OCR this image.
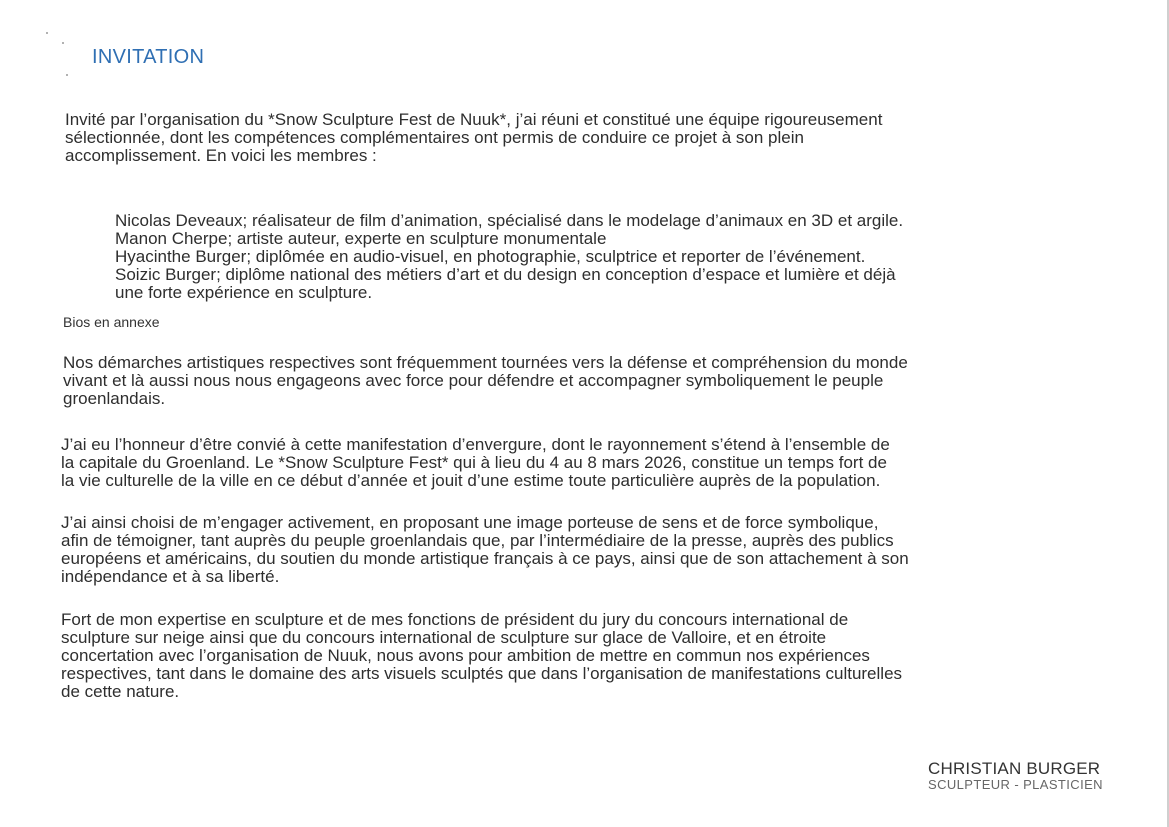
INVITATION

Invité par l’organisation du *Snow Sculpture Fest de Nuuk*, j’ai réuni et constitué une équipe rigoureusement
sélectionnée, dont les compétences complémentaires ont permis de conduire ce projet à son plein
accomplissement. En voici les membres :

Nicolas Deveaux; réalisateur de film d’animation, spécialisé dans le modelage d’animaux en 3D et argile.
Manon Cherpe; artiste auteur, experte en sculpture monumentale
Hyacinthe Burger; diplômée en audio-visuel, en photographie, sculptrice et reporter de l’événement.
Soizic Burger; diplôme national des métiers d’art et du design en conception d’espace et lumière et déjà
une forte expérience en sculpture.

Bios en annexe

Nos démarches artistiques respectives sont fréquemment tournées vers la défense et compréhension du monde
vivant et là aussi nous nous engageons avec force pour défendre et accompagner symboliquement le peuple
groenlandais.

J’ai eu l’honneur d’être convié à cette manifestation d’envergure, dont le rayonnement s’étend à l’ensemble de
la capitale du Groenland. Le *Snow Sculpture Fest* qui à lieu du 4 au 8 mars 2026, constitue un temps fort de
la vie culturelle de la ville en ce début d’année et jouit d’une estime toute particulière auprès de la population.

J’ai ainsi choisi de m’engager activement, en proposant une image porteuse de sens et de force symbolique,
afin de témoigner, tant auprès du peuple groenlandais que, par l’intermédiaire de la presse, auprès des publics
européens et américains, du soutien du monde artistique français à ce pays, ainsi que de son attachement à son
indépendance et à sa liberté.

Fort de mon expertise en sculpture et de mes fonctions de président du jury du concours international de
sculpture sur neige ainsi que du concours international de sculpture sur glace de Valloire, et en étroite
concertation avec l’organisation de Nuuk, nous avons pour ambition de mettre en commun nos expériences
respectives, tant dans le domaine des arts visuels sculptés que dans l’organisation de manifestations culturelles
de cette nature.

CHRISTIAN BURGER

SCULPTEUR - PLASTICIEN
